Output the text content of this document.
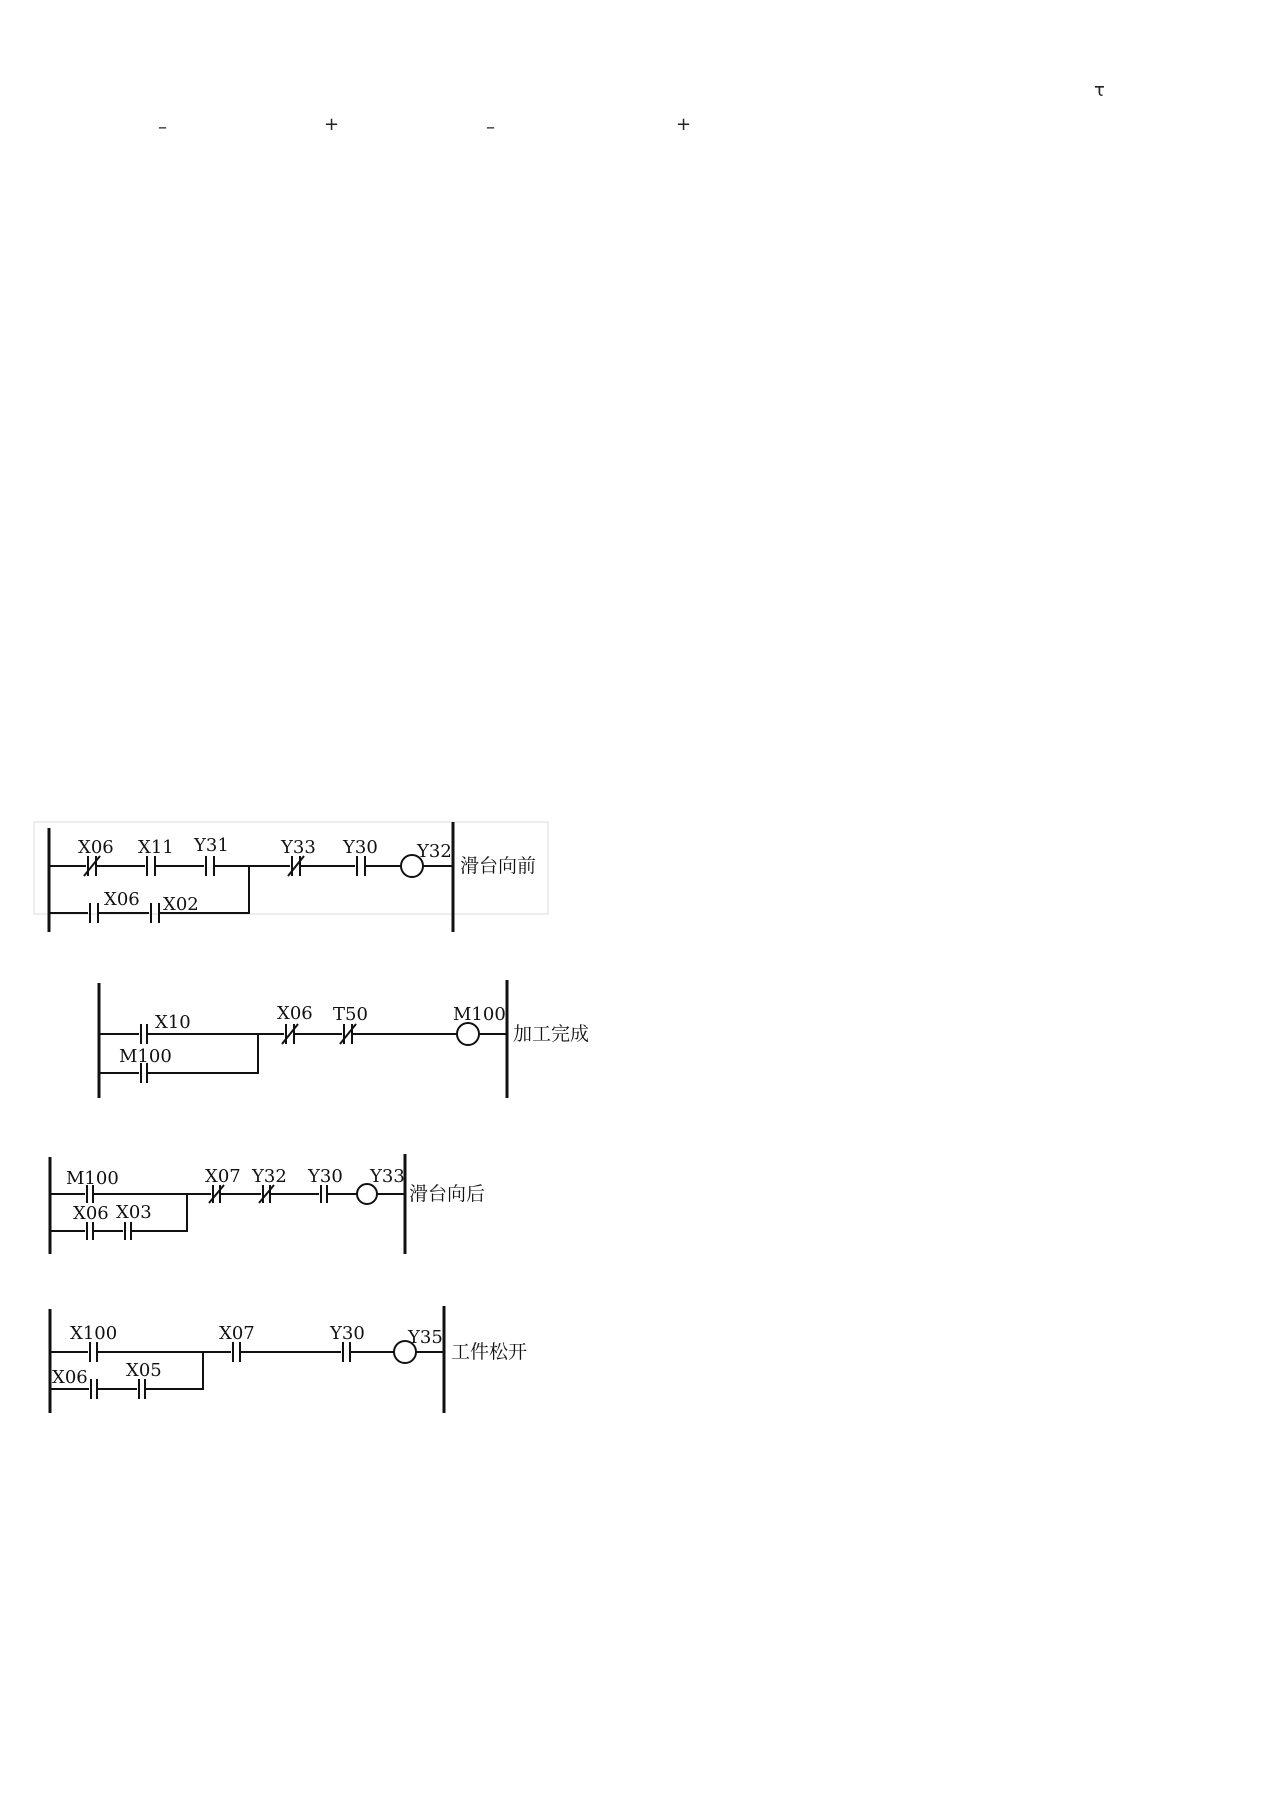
τ
–	+	–	+
X06 X11 Y31	Y33 Y30 Y32
X06 X02
滑台向前
X10
M100
X06 T50	M100
加工完成
M100
X06 X03
X07 Y32 Y30 Y33
滑台向后
X100
X06 X05
X07	Y30 Y35
工件松开
